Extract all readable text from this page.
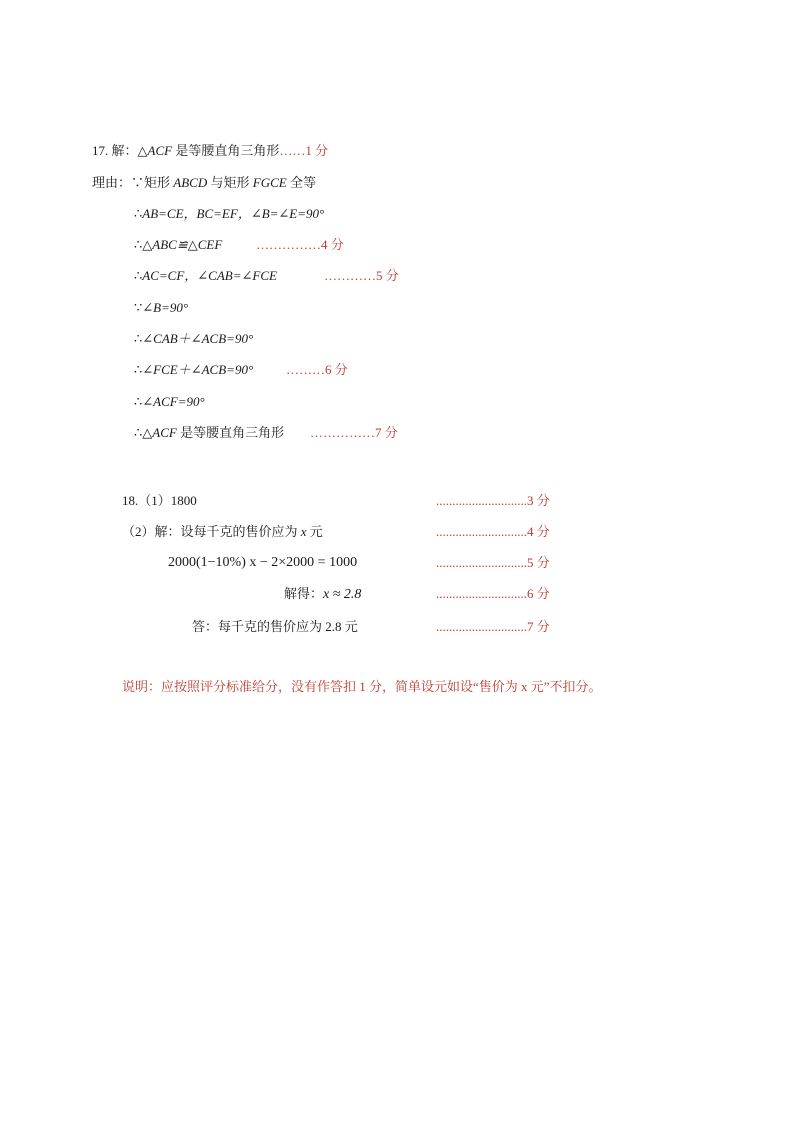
17. 解：△ACF 是等腰直角三角形……1 分
理由：∵矩形 ABCD 与矩形 FGCE 全等
∴AB=CE，BC=EF，∠B=∠E=90°
∴△ABC≌△CEF	……………4 分
∴AC=CF，∠CAB=∠FCE	…………5 分
∵∠B=90°
∴∠CAB＋∠ACB=90°
∴∠FCE＋∠ACB=90°	………6 分
∴∠ACF=90°
∴△ACF 是等腰直角三角形 ……………7 分
18.（1）1800	............................3 分
（2）解：设每千克的售价应为 x 元	............................4 分
2000(1−10%) x − 2×2000 = 1000	............................5 分
解得：x ≈ 2.8	............................6 分
答：每千克的售价应为 2.8 元	............................7 分
说明：应按照评分标准给分，没有作答扣 1 分，简单设元如设“售价为 x 元”不扣分。
